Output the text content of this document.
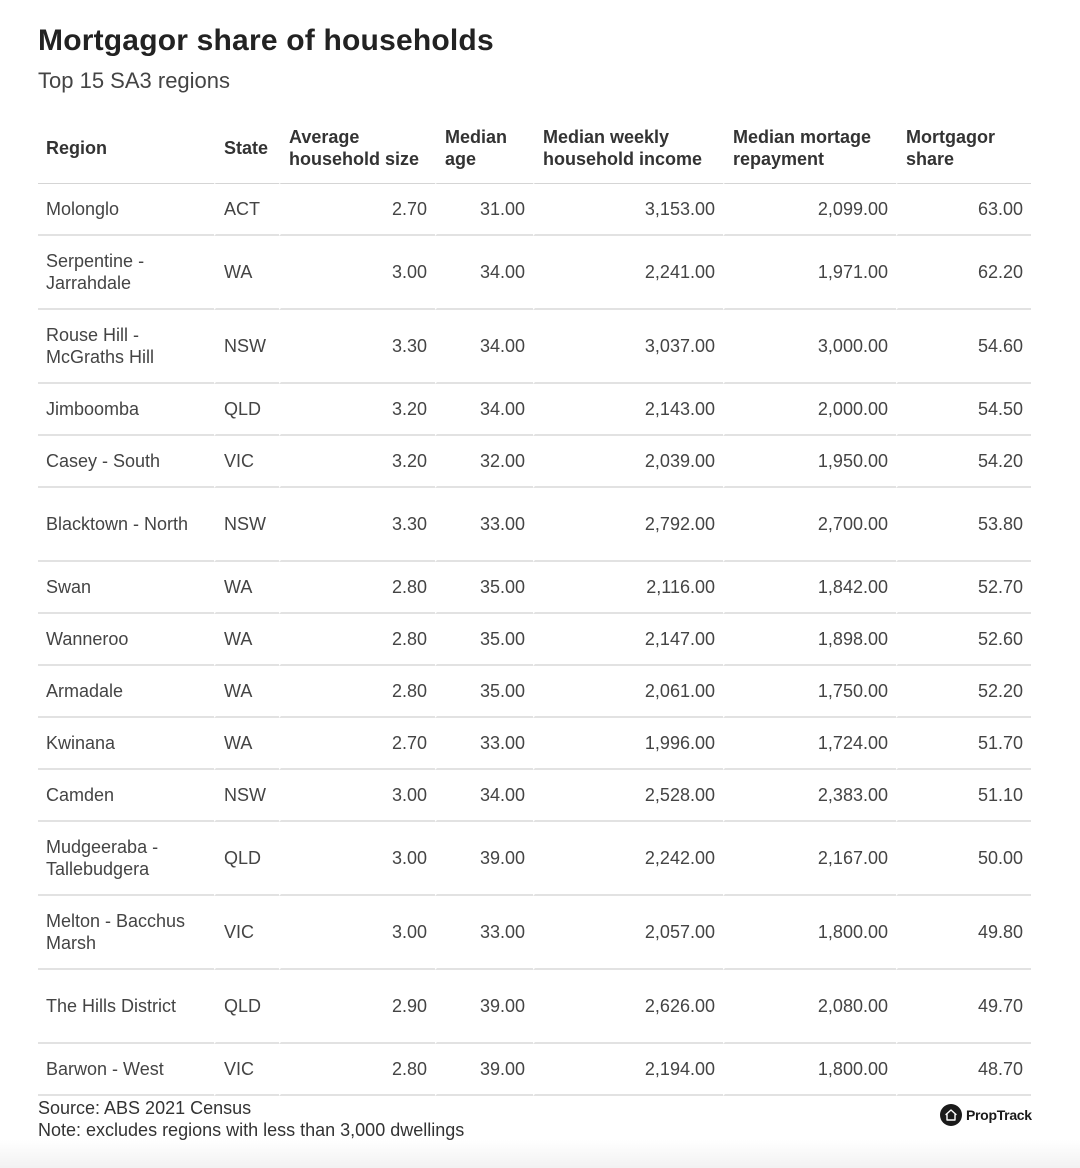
Mortgagor share of households
Top 15 SA3 regions
Region	State	Average household size	Median age	Median weekly household income	Median mortage repayment	Mortgagor share
Molonglo	ACT	2.70	31.00	3,153.00	2,099.00	63.00
Serpentine - Jarrahdale	WA	3.00	34.00	2,241.00	1,971.00	62.20
Rouse Hill - McGraths Hill	NSW	3.30	34.00	3,037.00	3,000.00	54.60
Jimboomba	QLD	3.20	34.00	2,143.00	2,000.00	54.50
Casey - South	VIC	3.20	32.00	2,039.00	1,950.00	54.20
Blacktown - North	NSW	3.30	33.00	2,792.00	2,700.00	53.80
Swan	WA	2.80	35.00	2,116.00	1,842.00	52.70
Wanneroo	WA	2.80	35.00	2,147.00	1,898.00	52.60
Armadale	WA	2.80	35.00	2,061.00	1,750.00	52.20
Kwinana	WA	2.70	33.00	1,996.00	1,724.00	51.70
Camden	NSW	3.00	34.00	2,528.00	2,383.00	51.10
Mudgeeraba - Tallebudgera	QLD	3.00	39.00	2,242.00	2,167.00	50.00
Melton - Bacchus Marsh	VIC	3.00	33.00	2,057.00	1,800.00	49.80
The Hills District	QLD	2.90	39.00	2,626.00	2,080.00	49.70
Barwon - West	VIC	2.80	39.00	2,194.00	1,800.00	48.70
Source: ABS 2021 Census
Note: excludes regions with less than 3,000 dwellings
PropTrack
